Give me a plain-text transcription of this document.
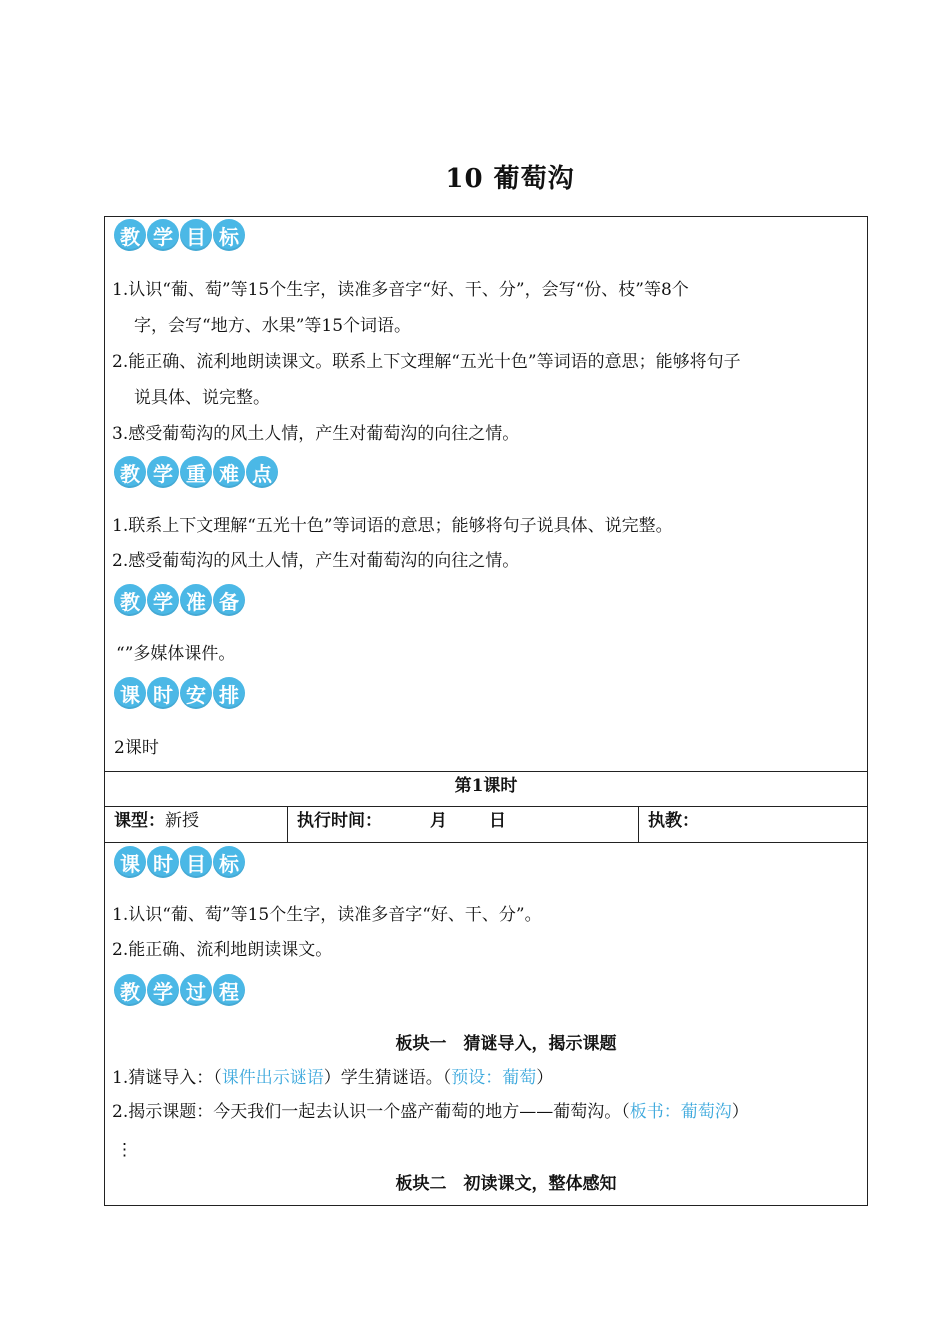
10 葡萄沟
教 学 目 标
1.认识“葡、萄”等15个生字，读准多音字“好、干、分”，会写“份、枝”等8个
字，会写“地方、水果”等15个词语。
2.能正确、流利地朗读课文。联系上下文理解“五光十色”等词语的意思；能够将句子
说具体、说完整。
3.感受葡萄沟的风土人情，产生对葡萄沟的向往之情。
教 学 重 难 点
1.联系上下文理解“五光十色”等词语的意思；能够将句子说具体、说完整。
2.感受葡萄沟的风土人情，产生对葡萄沟的向往之情。
教 学 准 备
“”多媒体课件。
课 时 安 排
2课时
第1课时
课型：新授	执行时间：	月 日	执教：
课 时 目 标
1.认识“葡、萄”等15个生字，读准多音字“好、干、分”。
2.能正确、流利地朗读课文。
教 学 过 程
板块一　猜谜导入，揭示课题
1.猜谜导入：（课件出示谜语）学生猜谜语。（预设：葡萄）
2.揭示课题：今天我们一起去认识一个盛产葡萄的地方——葡萄沟。（板书：葡萄沟）
⋮
板块二　初读课文，整体感知
